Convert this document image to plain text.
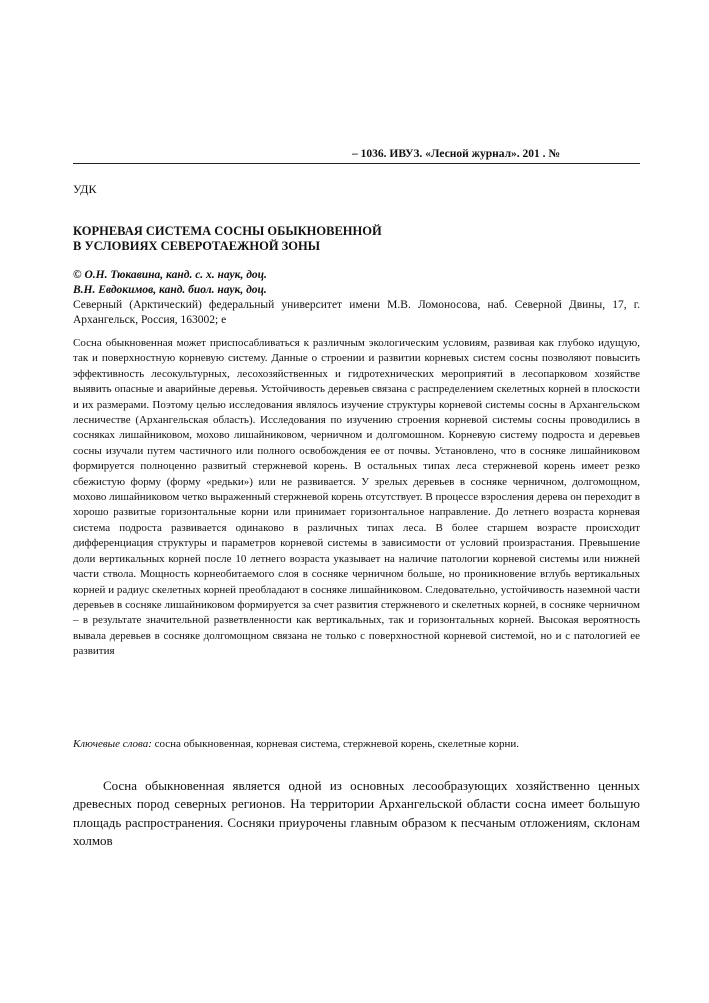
– 1036. ИВУЗ. «Лесной журнал». 201 . №
УДК
КОРНЕВАЯ СИСТЕМА СОСНЫ ОБЫКНОВЕННОЙ
В УСЛОВИЯХ СЕВЕРОТАЕЖНОЙ ЗОНЫ
© О.Н. Тюкавина, канд. с. х. наук, доц.
В.Н. Евдокимов, канд. биол. наук, доц.
Северный (Арктический) федеральный университет имени М.В. Ломоносова, наб. Северной Двины, 17, г. Архангельск, Россия, 163002; е
Сосна обыкновенная может приспосабливаться к различным экологическим условиям, развивая как глубоко идущую, так и поверхностную корневую систему. Данные о строении и развитии корневых систем сосны позволяют повысить эффективность лесокультурных, лесохозяйственных и гидротехнических мероприятий в лесопарковом хозяйстве выявить опасные и аварийные деревья. Устойчивость деревьев связана с распределением скелетных корней в плоскости и их размерами. Поэтому целью исследования являлось изучение структуры корневой системы сосны в Архангельском лесничестве (Архангельская область). Исследования по изучению строения корневой системы сосны проводились в сосняках лишайниковом, мохово лишайниковом, черничном и долгомошном. Корневую систему подроста и деревьев сосны изучали путем частичного или полного освобождения ее от почвы. Установлено, что в сосняке лишайниковом формируется полноценно развитый стержневой корень. В остальных типах леса стержневой корень имеет резко сбежистую форму (форму «редьки») или не развивается. У зрелых деревьев в сосняке черничном, долгомощном, мохово лишайниковом четко выраженный стержневой корень отсутствует. В процессе взросления дерева он переходит в хорошо развитые горизонтальные корни или принимает горизонтальное направление. До летнего возраста корневая система подроста развивается одинаково в различных типах леса. В более старшем возрасте происходит дифференциация структуры и параметров корневой системы в зависимости от условий произрастания. Превышение доли вертикальных корней после 10 летнего возраста указывает на наличие патологии корневой системы или нижней части ствола. Мощность корнеобитаемого слоя в сосняке черничном больше, но проникновение вглубь вертикальных корней и радиус скелетных корней преобладают в сосняке лишайниковом. Следовательно, устойчивость наземной части деревьев в сосняке лишайниковом формируется за счет развития стержневого и скелетных корней, в сосняке черничном – в результате значительной разветвленности как вертикальных, так и горизонтальных корней. Высокая вероятность вывала деревьев в сосняке долгомощном связана не только с поверхностной корневой системой, но и с патологией ее развития
Ключевые слова: сосна обыкновенная, корневая система, стержневой корень, скелетные корни.
Сосна обыкновенная является одной из основных лесообразующих хозяйственно ценных древесных пород северных регионов. На территории Архангельской области сосна имеет большую площадь распространения. Сосняки приурочены главным образом к песчаным отложениям, склонам холмов
